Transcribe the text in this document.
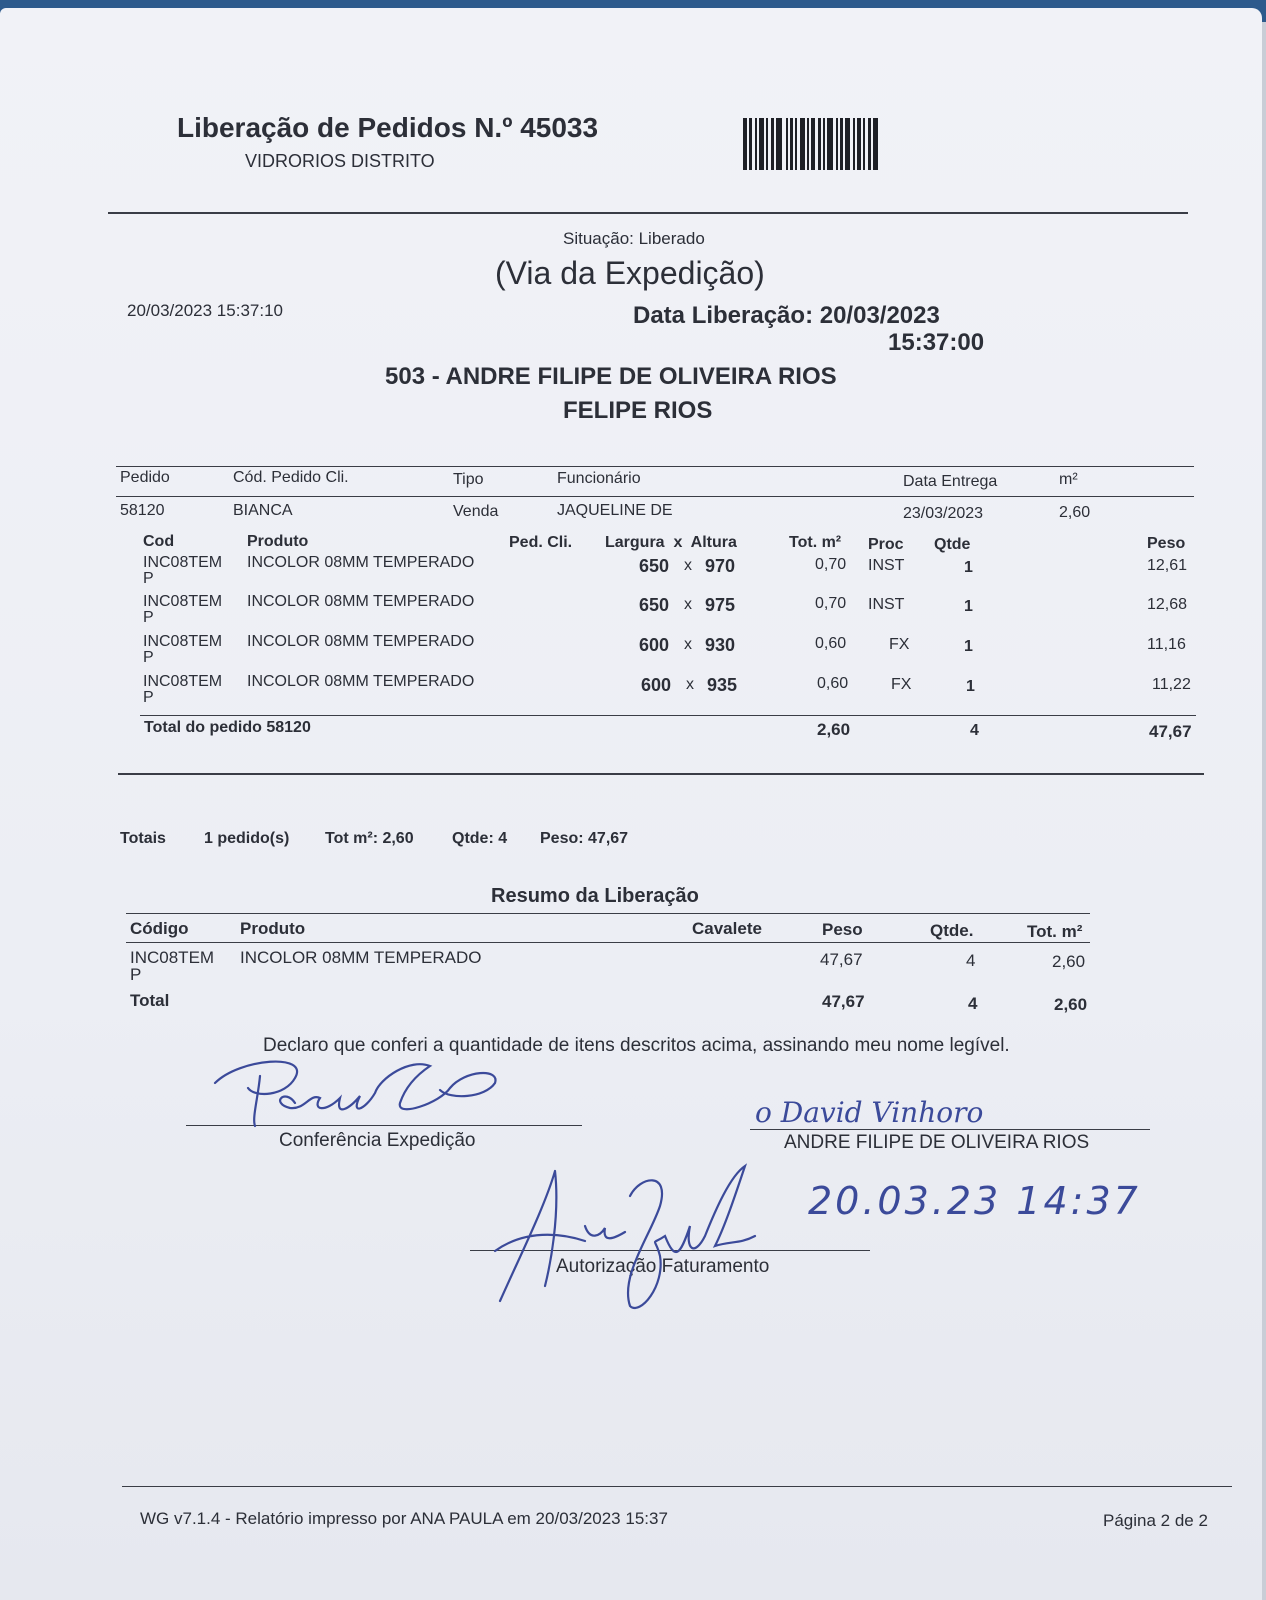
Liberação de Pedidos N.º 45033
VIDRORIOS DISTRITO
Situação: Liberado
(Via da Expedição)
20/03/2023 15:37:10	Data Liberação: 20/03/2023
15:37:00
503 - ANDRE FILIPE DE OLIVEIRA RIOS
FELIPE RIOS
Pedido	Cód. Pedido Cli.	Tipo	Funcionário	Data Entrega	m²
58120	BIANCA	Venda	JAQUELINE DE	23/03/2023	2,60
Cod	Produto	Ped. Cli. Largura  x  Altura	Tot. m² Proc Qtde	Peso
INC08TEM
P
INCOLOR 08MM TEMPERADO	650 x 970	0,70 INST	1	12,61
INC08TEM
P
INCOLOR 08MM TEMPERADO	650 x 975	0,70 INST	1	12,68
INC08TEM
P
INCOLOR 08MM TEMPERADO	600 x 930	0,60	FX	1	11,16
INC08TEM
P
INCOLOR 08MM TEMPERADO	600 x 935	0,60	FX	1	11,22
Total do pedido 58120	2,60	4	47,67
Totais 1 pedido(s) Tot m²: 2,60 Qtde: 4 Peso: 47,67
Resumo da Liberação
Código	Produto	Cavalete	Peso	Qtde.	Tot. m²
INC08TEM
P
INCOLOR 08MM TEMPERADO	47,67	4	2,60
Total	47,67	4	2,60
Declaro que conferi a quantidade de itens descritos acima, assinando meu nome legível.
Conferência Expedição	ANDRE FILIPE DE OLIVEIRA RIOS
Autorização Faturamento
o David Vinhoro
20.03.23 14:37
WG v7.1.4 - Relatório impresso por ANA PAULA em 20/03/2023 15:37	Página 2 de 2
